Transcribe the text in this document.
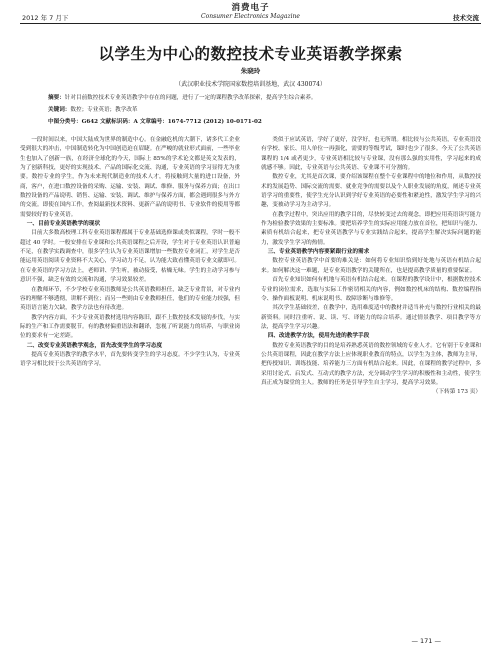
消费电子
2012 年 7 月下	Consumer Electronics Magazine	技术交流
以学生为中心的数控技术专业英语教学探索
朱晓玲
（武汉职业技术学院国家数控培训基地，武汉 430074）
摘要：针对目前数控技术专业英语教学中存在的问题，进行了一定的课程教学改革探索，提高学生综合素养。
关键词：数控；专业英语；教学改革
中图分类号：G642 文献标识码：A 文章编号：1674-7712 (2012) 10-0171-02

一段时间以来，中国大陆成为世界的制造中心。在金融危机的大潮下，诸多代工企业受到很大的冲击，中国制造转化为中国创造迫在眉睫。在严峻的就业形式面前，一些毕业生也加入了创新一族，在经济全球化的今天，国际上 85%的学术论文都是英文发表的，为了创新科技，更好的实现技术、产品的国际化交流、沟通，专业英语的学习显得尤为重要。数控专业的学生，作为未来现代制造业的技术人才，将接触到大量的进口设备，外商，客户，在进口数控设备的采购、运输、安装、调试、维修、服务与保养方面；在出口数控设备的产品说明、销售、运输、安装、调试、维护与保养方面，都会遇到很多与外方的交流。即使在国内工作，查阅最新技术资料、更新产品的说明书、专业软件的使用等都需要较好的专业英语。

一、目前专业英语教学的现状

目前大多数高校理工科专业英语课程都属于专业基础选修课或类似课程，学时一般不超过 40 学时。一般安排在专业课和公共英语课程之后开设，学生对于专业英语认识普遍不足，在教学实践调查中，很多学生认为专业英语课增加一些数控专业词汇，对学生是否能运用英语阅读专业资料不大关心，学习动力不足，认为能大致看懂英语专业文献即可。在专业英语的学习方法上，老师讲、学生听，被动接受，枯燥无味。学生的主动学习参与意识不强，缺乏有效的交流和沟通，学习效果较差。

在教师环节，不少学校专业英语教师是公共英语教师担任，缺乏专业背景，对专业内容的理解不够透彻，讲解不到位；而另一些则由专业教师担任，他们的专业能力较强，但英语语言能力欠缺，教学方法也有待改进。

教学内容方面，不少专业英语教材选用内容陈旧，跟不上数控技术发展的步伐，与实际的生产和工作需要脱节。有的教材偏重语法和翻译，忽视了听说能力的培养，与职业岗位的要求有一定差距。

二、改变专业英语教学观念，首先改变学生的学习态度

提高专业英语教学的教学水平，首先要转变学生的学习态度。不少学生认为，专业英语学习相比较于公共英语的学习，

类似于应试英语，学好了更好，没学好，也无所谓。相比较与公共英语，专业英语没有学校、家长、用人单位一再强化，需要的等级考试，课时也少了很多。今天了公共英语课程的 1/4 或者更少，专业英语相比较与专业课，没有那么强的实用性，学习起来的成就感不够。因此，专业英语与公共英语、专业课不可分割的。

数控专业，尤其是首次课，要介绍该课程在整个专业课程中的地位和作用，从数控技术的发展趋势、国际交流的需要、就业竞争的需要以及个人职业发展的角度，阐述专业英语学习的重要性，使学生充分认识到学好专业英语的必要性和紧迫性，激发学生学习的兴趣，变被动学习为主动学习。

在教学过程中，突出应用的教学目的，尽快转变过去的观念，即把应用英语读写能力作为检验教学效果的主要标准。要把培养学生的实际应用能力放在首位，把知识与能力、素质有机结合起来，把专业英语教学与专业实践结合起来，提高学生解决实际问题的能力，激发学生学习的热情。

三、专业英语教学内容要紧跟行业的需求

数控专业英语教学中首要的难关是：如何将专业知识恰到好处地与英语有机结合起来。如何解决这一难题，是专业英语教学的关键所在，也是提高教学质量的重要保证。

首先专业知识如何有机地与英语有机结合起来。在课程的教学设计中，根据数控技术专业的岗位需求，选取与实际工作密切相关的内容，例如数控机床的结构、数控编程指令、操作面板说明、机床说明书、故障诊断与维修等。

其次学生基础较差，在教学中，选用难度适中的教材并适当补充与数控行业相关的最新资料。同时注重听、说、读、写、译能力的综合培养。通过情景教学、项目教学等方法，提高学生学习兴趣。

四、改进教学方法，使用先进的教学手段

数控专业英语教学的目的是培养熟悉英语的数控领域的专业人才。它有别于专业课和公共英语课程，因此在教学方法上应体现职业教育的特点，以学生为主体，教师为主导，把传授知识、训练技能、培养能力三方面有机结合起来。因此，在课程的教学过程中，多采用讨论式、启发式、互动式的教学方法，充分调动学生学习的积极性和主动性，使学生真正成为课堂的主人。教师的任务是引导学生自主学习，提高学习效果。

（下转第 173 页）

— 171 —
